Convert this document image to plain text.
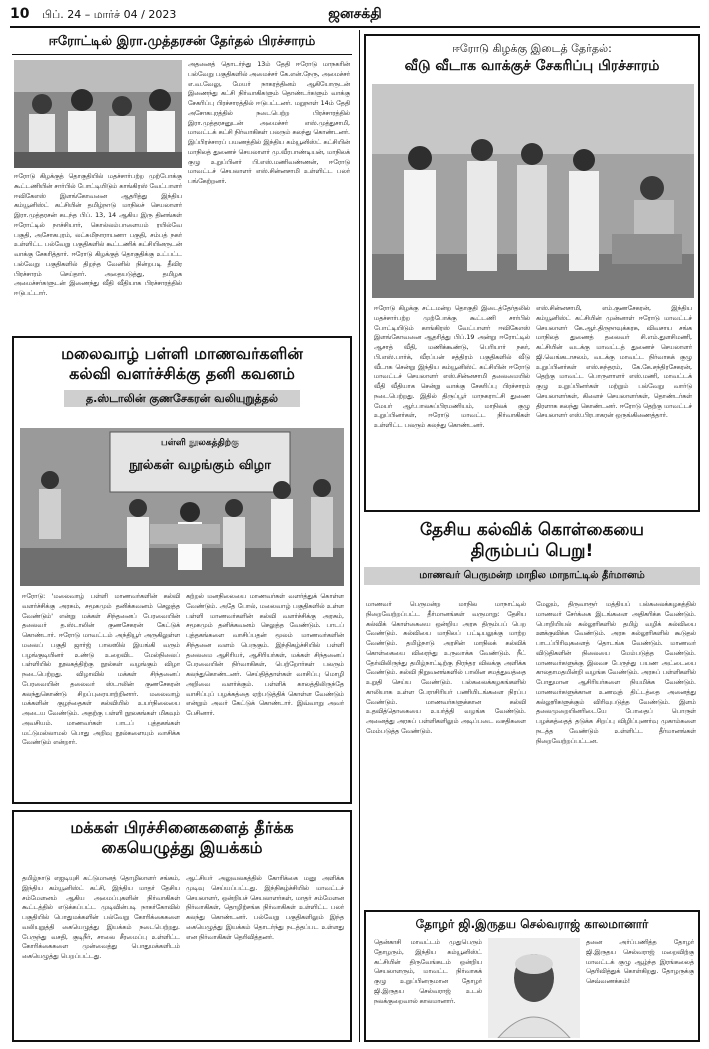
10 பிப். 24 – மார்ச் 04 / 2023	ஜனசக்தி
ஈரோட்டில் இரா.முத்தரசன் தேர்தல் பிரச்சாரம்
ஈரோடு கிழக்குத் தொகுதியில் மதச்சார்பற்ற முற்போக்கு கூட்டணியின் சார்பில் போட்டியிடும் காங்கிரஸ் வேட்பாளர் ஈவிகேஎஸ் இளங்கோவனை ஆதரித்து இந்திய கம்யூனிஸ்ட் கட்சியின் தமிழ்நாடு மாநிலச் செயலாளர் இரா.முத்தரசன் கடந்த பிப். 13, 14 ஆகிய இரு தினங்கள் ஈரோட்டில் நாச்சியார், கொல்லம்பாளையம் ரயில்வே பகுதி, அசோகபுரம், லட்சுமிநாராயணா பகுதி, சம்பத் நகர் உள்ளிட்ட பல்வேறு பகுதிகளில் கூட்டணிக் கட்சியினருடன் வாக்கு சேகரித்தார். ஈரோடு கிழக்குத் தொகுதிக்கு உட்பட்ட பல்வேறு பகுதிகளில் திறந்த வேனில் நின்றபடி தீவிர பிரச்சாரம் செய்தார். அதையடுத்து, தமிழக அமைச்சர்களுடன் இணைந்து வீதி வீதியாக பிரச்சாரத்தில் ஈடுபட்டார்.
அதனைத் தொடர்ந்து 13ம் தேதி ஈரோடு மாநகரின் பல்வேறு பகுதிகளில் அமைச்சர் கே.என்.நேரு, அமைச்சர் எ.வ.வேலு, மேயர் நாகரத்தினம் ஆகியோருடன் இணைந்து கட்சி நிர்வாகிகளும் தொண்டர்களும் வாக்கு சேகரிப்பு பிரச்சாரத்தில் ஈடுபட்டனர். மறுநாள் 14ம் தேதி அசோகபுரத்தில் நடைபெற்ற பிரச்சாரத்தில் இரா.முத்தரசனுடன் அமைச்சர் எஸ்.முத்துசாமி, மாவட்டக் கட்சி நிர்வாகிகள் பலரும் கலந்து கொண்டனர். இப்பிரச்சாரப் பயணத்தில் இந்திய கம்யூனிஸ்ட் கட்சியின் மாநிலத் துணைச் செயலாளர் மு.வீரபாண்டியன், மாநிலக் குழு உறுப்பினர் பி.எஸ்.மணிவண்ணன், ஈரோடு மாவட்டச் செயலாளர் எஸ்.சின்னசாமி உள்ளிட்ட பலர் பங்கேற்றனர்.
மலைவாழ் பள்ளி மாணவர்களின்
கல்வி வளர்ச்சிக்கு தனி கவனம்
த.ஸ்டாலின் குணசேகரன் வலியுறுத்தல்
பள்ளி நூலகத்திற்கு
நூல்கள் வழங்கும் விழா
ஈரோடு: 'மலைவாழ் பள்ளி மாணவர்களின் கல்வி வளர்ச்சிக்கு அரசும், சமூகமும் தனிக்கவனம் செலுத்த வேண்டும்' என்று மக்கள் சிந்தனைப் பேரவையின் தலைவர் த.ஸ்டாலின் குணசேகரன் கேட்டுக் கொண்டார். ஈரோடு மாவட்டம் அந்தியூர் அருகிலுள்ள மலைப் பகுதி ஜார்ஜ் பாலஸில் இயங்கி வரும் பழங்குடியினர் உண்டு உறைவிட மேல்நிலைப் பள்ளியில் நூலகத்திற்கு நூல்கள் வழங்கும் விழா நடைபெற்றது. விழாவில் மக்கள் சிந்தனைப் பேரவையின் தலைவர் ஸ்டாலின் குணசேகரன் கலந்துகொண்டு சிறப்புரையாற்றினார். மலைவாழ் மக்களின் குழந்தைகள் கல்வியில் உயர்நிலையை அடைய வேண்டும். அதற்கு பள்ளி நூலகங்கள் மிகவும் அவசியம். மாணவர்கள் பாடப் புத்தகங்கள் மட்டுமல்லாமல் பொது அறிவு நூல்களையும் வாசிக்க வேண்டும் என்றார்.
கற்றல் மனநிலையை மாணவர்கள் வளர்த்துக் கொள்ள வேண்டும். அதே போல், மலைவாழ் பகுதிகளில் உள்ள பள்ளி மாணவர்களின் கல்வி வளர்ச்சிக்கு அரசும், சமூகமும் தனிக்கவனம் செலுத்த வேண்டும். பாடப் புத்தகங்களை வாசிப்பதன் மூலம் மாணவர்களின் சிந்தனை வளம் பெருகும். இந்நிகழ்ச்சியில் பள்ளி தலைமை ஆசிரியர், ஆசிரியர்கள், மக்கள் சிந்தனைப் பேரவையின் நிர்வாகிகள், பெற்றோர்கள் பலரும் கலந்துகொண்டனர். செய்தித்தாள்கள் வாசிப்பு மொழி அறிவை வளர்க்கும். பள்ளிக் காலத்திலிருந்தே வாசிப்புப் பழக்கத்தை ஏற்படுத்திக் கொள்ள வேண்டும் என்றும் அவர் கேட்டுக் கொண்டார். இவ்வாறு அவர் பேசினார்.
மக்கள் பிரச்சினைகளைத் தீர்க்க
கையெழுத்து இயக்கம்
தமிழ்நாடு எஐடியுசி கட்டுமானத் தொழிலாளர் சங்கம், இந்திய கம்யூனிஸ்ட் கட்சி, இந்திய மாதர் தேசிய சம்மேளனம் ஆகிய அமைப்புகளின் நிர்வாகிகள் கூட்டத்தில் எடுக்கப்பட்ட முடிவின்படி நாகர்கோவில் பகுதியில் பொதுமக்களின் பல்வேறு கோரிக்கைகளை வலியுறுத்தி கையெழுத்து இயக்கம் நடைபெற்றது. பேருந்து வசதி, குடிநீர், சாலை சீரமைப்பு உள்ளிட்ட கோரிக்கைகளை முன்வைத்து பொதுமக்களிடம் கையெழுத்து பெறப்பட்டது.
ஆட்சியர் அலுவலகத்தில் கோரிக்கை மனு அளிக்க முடிவு செய்யப்பட்டது. இந்நிகழ்ச்சியில் மாவட்டச் செயலாளர், ஒன்றியச் செயலாளர்கள், மாதர் சம்மேளன நிர்வாகிகள், தொழிற்சங்க நிர்வாகிகள் உள்ளிட்ட பலர் கலந்து கொண்டனர். பல்வேறு பகுதிகளிலும் இந்த கையெழுத்து இயக்கம் தொடர்ந்து நடத்தப்பட உள்ளது என நிர்வாகிகள் தெரிவித்தனர்.
ஈரோடு கிழக்கு இடைத் தேர்தல்:
வீடு வீடாக வாக்குச் சேகரிப்பு பிரச்சாரம்
ஈரோடு கிழக்கு சட்டமன்ற தொகுதி இடைத்தேர்தலில் மதச்சார்பற்ற முற்போக்கு கூட்டணி சார்பில் போட்டியிடும் காங்கிரஸ் வேட்பாளர் ஈவிகேஎஸ் இளங்கோவனை ஆதரித்து பிப்.19 அன்று ஈரோட்டில் ஆசாத் வீதி, மணிக்கூண்டு, பெரியார் நகர், பி.எஸ்.பார்க், வீரப்பன் சத்திரம் பகுதிகளில் வீடு வீடாக சென்று இந்திய கம்யூனிஸ்ட் கட்சியின் ஈரோடு மாவட்டச் செயலாளர் எஸ்.சின்னசாமி தலைமையில் வீதி வீதியாக சென்று வாக்கு சேகரிப்பு பிரச்சாரம் நடைபெற்றது. இதில் திருப்பூர் மாநகராட்சி துணை மேயர் ஆர்.பாலசுப்பிரமணியம், மாநிலக் குழு உறுப்பினர்கள், ஈரோடு மாவட்ட நிர்வாகிகள் உள்ளிட்ட பலரும் கலந்து கொண்டனர்.
எஸ்.சின்னசாமி, எம்.குணசேகரன், இந்திய கம்யூனிஸ்ட் கட்சியின் முன்னாள் ஈரோடு மாவட்டச் செயலாளர் கே.ஆர்.திருநாவுக்கரசு, விவசாய சங்க மாநிலத் துணைத் தலைவர் சி.எம்.துளசிமணி, கட்சியின் வடக்கு மாவட்டத் துணைச் செயலாளர் ஜி.வெங்கடாசலம், வடக்கு மாவட்ட நிர்வாகக் குழு உறுப்பினர்கள் எஸ்.சுந்தரம், கே.கே.சந்திரசேகரன், தெற்கு மாவட்ட பொருளாளர் எஸ்.மணி, மாவட்டக் குழு உறுப்பினர்கள் மற்றும் பல்வேறு வார்டு செயலாளர்கள், கிளைச் செயலாளர்கள், தொண்டர்கள் திரளாக கலந்து கொண்டனர். ஈரோடு தெற்கு மாவட்டச் செயலாளர் எஸ்.பிரபாகரன் ஒருங்கிணைத்தார்.
தேசிய கல்விக் கொள்கையை
திரும்பப் பெறு!
மாணவர் பெருமன்ற மாநில மாநாட்டில் தீர்மானம்
மாணவர் பெருமன்ற மாநில மாநாட்டில் நிறைவேற்றப்பட்ட தீர்மானங்கள் வருமாறு: தேசிய கல்விக் கொள்கையை ஒன்றிய அரசு திரும்பப் பெற வேண்டும். கல்வியை மாநிலப் பட்டியலுக்கு மாற்ற வேண்டும். தமிழ்நாடு அரசின் மாநிலக் கல்விக் கொள்கையை விரைந்து உருவாக்க வேண்டும். நீட் தேர்விலிருந்து தமிழ்நாட்டிற்கு நிரந்தர விலக்கு அளிக்க வேண்டும். கல்வி நிறுவனங்களில் பாலின சமத்துவத்தை உறுதி செய்ய வேண்டும். பல்கலைக்கழகங்களில் காலியாக உள்ள பேராசிரியர் பணியிடங்களை நிரப்ப வேண்டும். மாணவர்களுக்கான கல்வி உதவித்தொகையை உயர்த்தி வழங்க வேண்டும். அனைத்து அரசுப் பள்ளிகளிலும் அடிப்படை வசதிகளை மேம்படுத்த வேண்டும்.
மேலும், திருவாரூர் மத்தியப் பல்கலைக்கழகத்தில் மாணவர் சேர்க்கை இடங்களை அதிகரிக்க வேண்டும். பொறியியல் கல்லூரிகளில் தமிழ் வழிக் கல்வியை ஊக்குவிக்க வேண்டும். அரசு கல்லூரிகளில் கூடுதல் பாடப்பிரிவுகளைத் தொடங்க வேண்டும். மாணவர் விடுதிகளின் நிலையை மேம்படுத்த வேண்டும். மாணவர்களுக்கு இலவச பேருந்து பயண அட்டையை காலதாமதமின்றி வழங்க வேண்டும். அரசுப் பள்ளிகளில் போதுமான ஆசிரியர்களை நியமிக்க வேண்டும். மாணவர்களுக்கான உணவுத் திட்டத்தை அனைத்து கல்லூரிகளுக்கும் விரிவுபடுத்த வேண்டும். இளம் தலைமுறையினரிடையே போதைப் பொருள் பழக்கத்தைத் தடுக்க சிறப்பு விழிப்புணர்வு முகாம்களை நடத்த வேண்டும் உள்ளிட்ட தீர்மானங்கள் நிறைவேற்றப்பட்டன.
தோழர் ஜி.இருதய செல்வராஜ் காலமானார்
தென்காசி மாவட்டம் முதுபெரும் தோழரும், இந்திய கம்யூனிஸ்ட் கட்சியின் திருவேங்கடம் ஒன்றிய செயலாளரும், மாவட்ட நிர்வாகக் குழு உறுப்பினருமான தோழர் ஜி.இருதய செல்வராஜ் உடல் நலக்குறைவால் காலமானார்.
தனை அர்ப்பணித்த தோழர் ஜி.இருதய செல்வராஜ் மறைவிற்கு மாவட்டக் குழு ஆழ்ந்த இரங்கலைத் தெரிவித்துக் கொள்கிறது. தோழருக்கு செவ்வணக்கம்!
